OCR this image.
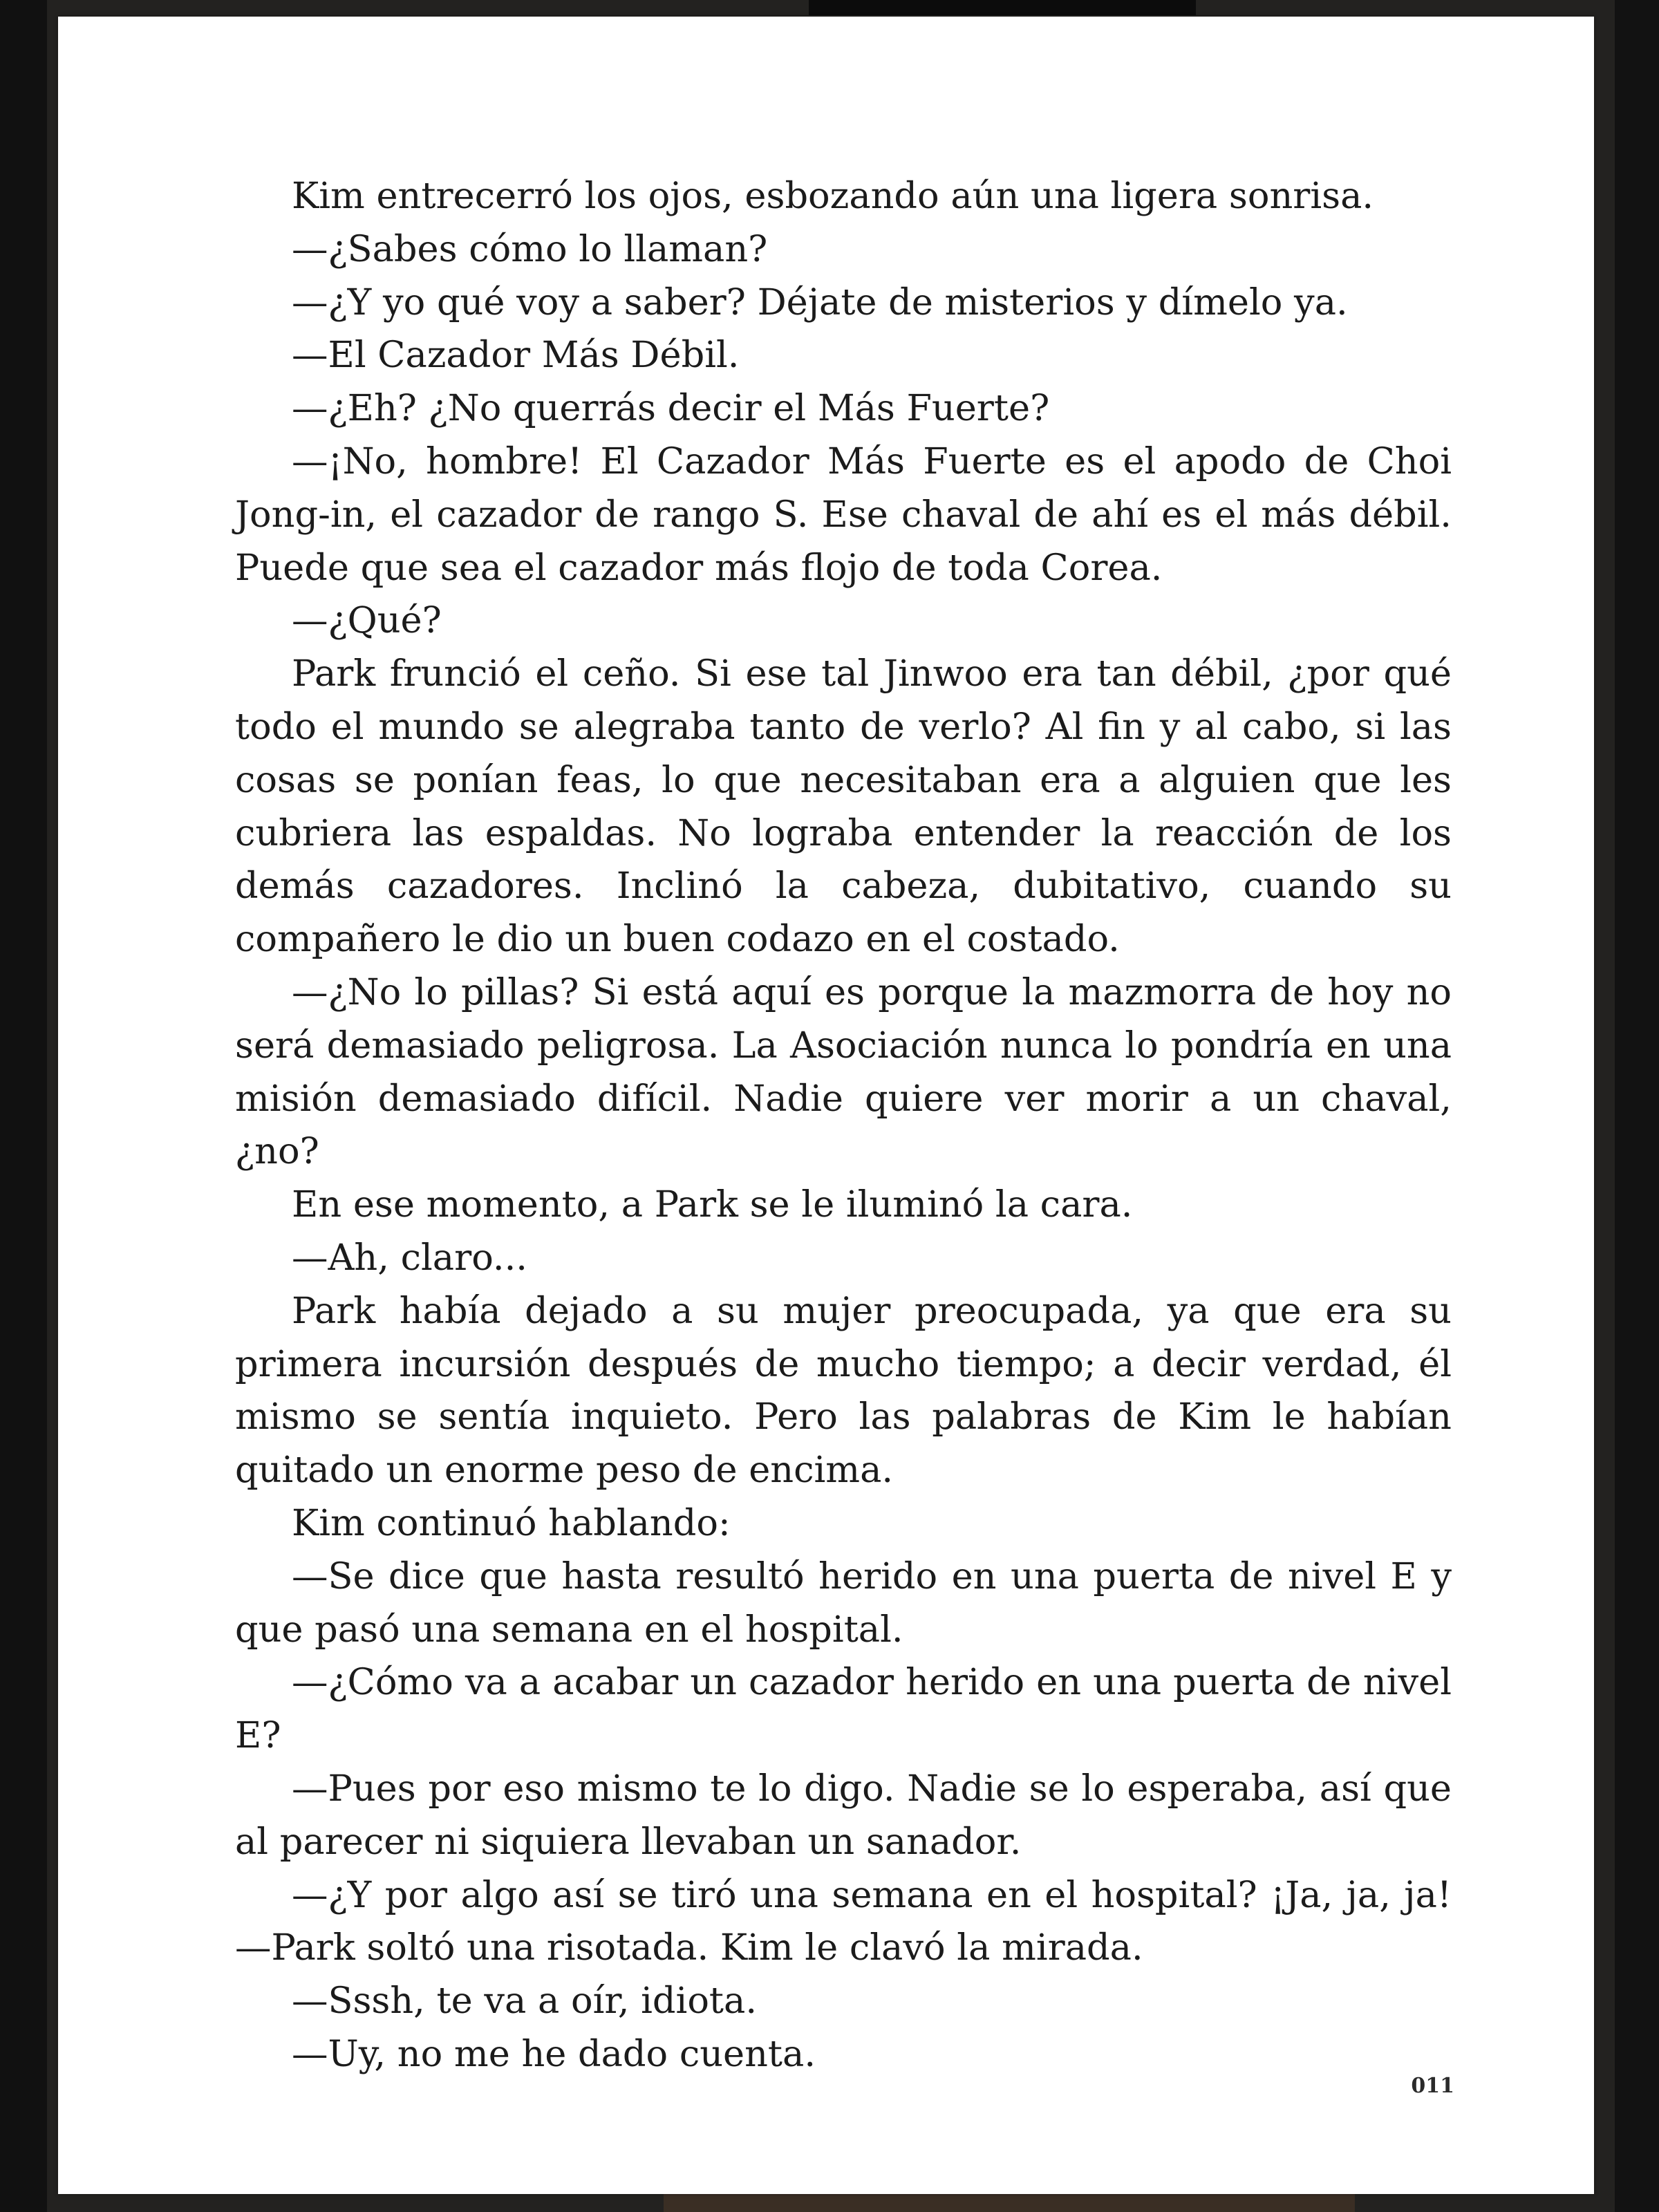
Kim entrecerró los ojos, esbozando aún una ligera sonrisa.

—¿Sabes cómo lo llaman?

—¿Y yo qué voy a saber? Déjate de misterios y dímelo ya.

—El Cazador Más Débil.

—¿Eh? ¿No querrás decir el Más Fuerte?

—¡No, hombre! El Cazador Más Fuerte es el apodo de Choi Jong-in, el cazador de rango S. Ese chaval de ahí es el más débil. Puede que sea el cazador más flojo de toda Corea.

—¿Qué?

Park frunció el ceño. Si ese tal Jinwoo era tan débil, ¿por qué todo el mundo se alegraba tanto de verlo? Al fin y al cabo, si las cosas se ponían feas, lo que necesitaban era a alguien que les cubriera las espaldas. No lograba entender la reacción de los demás cazadores. Inclinó la cabeza, dubitativo, cuando su compañero le dio un buen codazo en el costado.

—¿No lo pillas? Si está aquí es porque la mazmorra de hoy no será demasiado peligrosa. La Asociación nunca lo pondría en una misión demasiado difícil. Nadie quiere ver morir a un chaval, ¿no?

En ese momento, a Park se le iluminó la cara.

—Ah, claro...

Park había dejado a su mujer preocupada, ya que era su primera incursión después de mucho tiempo; a decir verdad, él mismo se sentía inquieto. Pero las palabras de Kim le habían quitado un enorme peso de encima.

Kim continuó hablando:

—Se dice que hasta resultó herido en una puerta de nivel E y que pasó una semana en el hospital.

—¿Cómo va a acabar un cazador herido en una puerta de nivel E?

—Pues por eso mismo te lo digo. Nadie se lo esperaba, así que al parecer ni siquiera llevaban un sanador.

—¿Y por algo así se tiró una semana en el hospital? ¡Ja, ja, ja! —Park soltó una risotada. Kim le clavó la mirada.

—Sssh, te va a oír, idiota.

—Uy, no me he dado cuenta.

011
